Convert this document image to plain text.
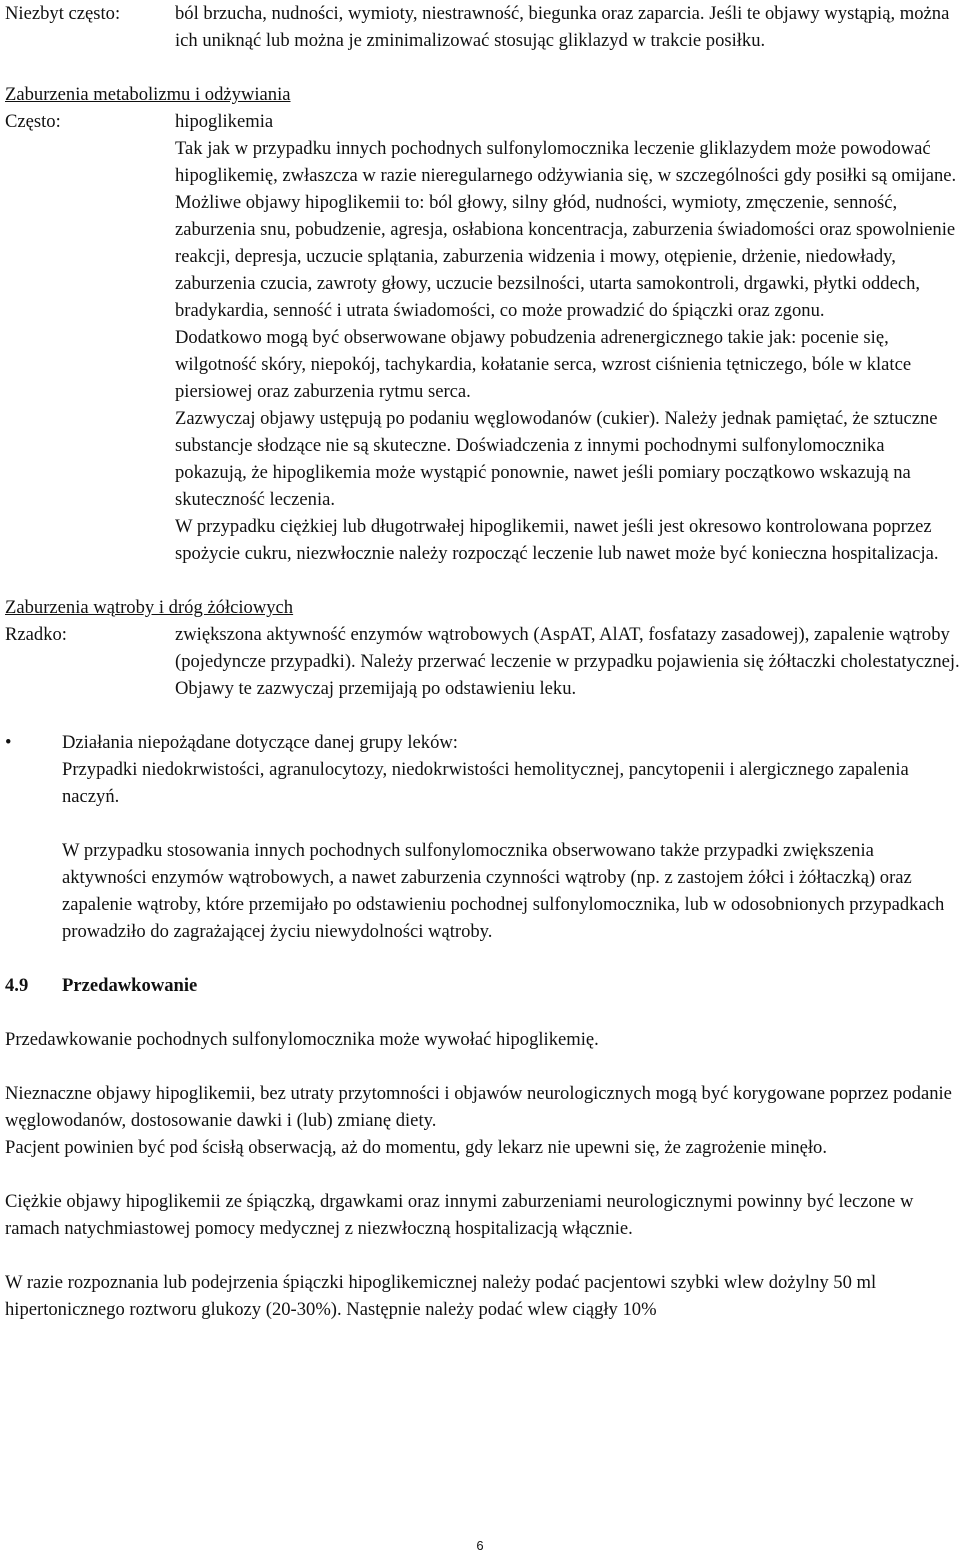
Niezbyt często:	ból brzucha, nudności, wymioty, niestrawność, biegunka oraz zaparcia. Jeśli te objawy wystąpią, można ich uniknąć lub można je zminimalizować stosując gliklazyd w trakcie posiłku.
Zaburzenia metabolizmu i odżywiania
Często:	hipoglikemia

Tak jak w przypadku innych pochodnych sulfonylomocznika leczenie gliklazydem może powodować hipoglikemię, zwłaszcza w razie nieregularnego odżywiania się, w szczególności gdy posiłki są omijane. Możliwe objawy hipoglikemii to: ból głowy, silny głód, nudności, wymioty, zmęczenie, senność, zaburzenia snu, pobudzenie, agresja, osłabiona koncentracja, zaburzenia świadomości oraz spowolnienie reakcji, depresja, uczucie splątania, zaburzenia widzenia i mowy, otępienie, drżenie, niedowłady, zaburzenia czucia, zawroty głowy, uczucie bezsilności, utarta samokontroli, drgawki, płytki oddech, bradykardia, senność i utrata świadomości, co może prowadzić do śpiączki oraz zgonu.

Dodatkowo mogą być obserwowane objawy pobudzenia adrenergicznego takie jak: pocenie się, wilgotność skóry, niepokój, tachykardia, kołatanie serca, wzrost ciśnienia tętniczego, bóle w klatce piersiowej oraz zaburzenia rytmu serca.

Zazwyczaj objawy ustępują po podaniu węglowodanów (cukier). Należy jednak pamiętać, że sztuczne substancje słodzące nie są skuteczne. Doświadczenia z innymi pochodnymi sulfonylomocznika pokazują, że hipoglikemia może wystąpić ponownie, nawet jeśli pomiary początkowo wskazują na skuteczność leczenia.

W przypadku ciężkiej lub długotrwałej hipoglikemii, nawet jeśli jest okresowo kontrolowana poprzez spożycie cukru, niezwłocznie należy rozpocząć leczenie lub nawet może być konieczna hospitalizacja.

Zaburzenia wątroby i dróg żółciowych
Rzadko:	zwiększona aktywność enzymów wątrobowych (AspAT, AlAT, fosfatazy zasadowej), zapalenie wątroby (pojedyncze przypadki). Należy przerwać leczenie w przypadku pojawienia się żółtaczki cholestatycznej.

Objawy te zazwyczaj przemijają po odstawieniu leku.

•	Działania niepożądane dotyczące danej grupy leków:

Przypadki niedokrwistości, agranulocytozy, niedokrwistości hemolitycznej, pancytopenii i alergicznego zapalenia naczyń.

W przypadku stosowania innych pochodnych sulfonylomocznika obserwowano także przypadki zwiększenia aktywności enzymów wątrobowych, a nawet zaburzenia czynności wątroby (np. z zastojem żółci i żółtaczką) oraz zapalenie wątroby, które przemijało po odstawieniu pochodnej sulfonylomocznika, lub w odosobnionych przypadkach prowadziło do zagrażającej życiu niewydolności wątroby.

4.9	Przedawkowanie

Przedawkowanie pochodnych sulfonylomocznika może wywołać hipoglikemię.

Nieznaczne objawy hipoglikemii, bez utraty przytomności i objawów neurologicznych mogą być korygowane poprzez podanie węglowodanów, dostosowanie dawki i (lub) zmianę diety.

Pacjent powinien być pod ścisłą obserwacją, aż do momentu, gdy lekarz nie upewni się, że zagrożenie minęło.

Ciężkie objawy hipoglikemii ze śpiączką, drgawkami oraz innymi zaburzeniami neurologicznymi powinny być leczone w ramach natychmiastowej pomocy medycznej z niezwłoczną hospitalizacją włącznie.

W razie rozpoznania lub podejrzenia śpiączki hipoglikemicznej należy podać pacjentowi szybki wlew dożylny 50 ml hipertonicznego roztworu glukozy (20-30%). Następnie należy podać wlew ciągły 10%

6
